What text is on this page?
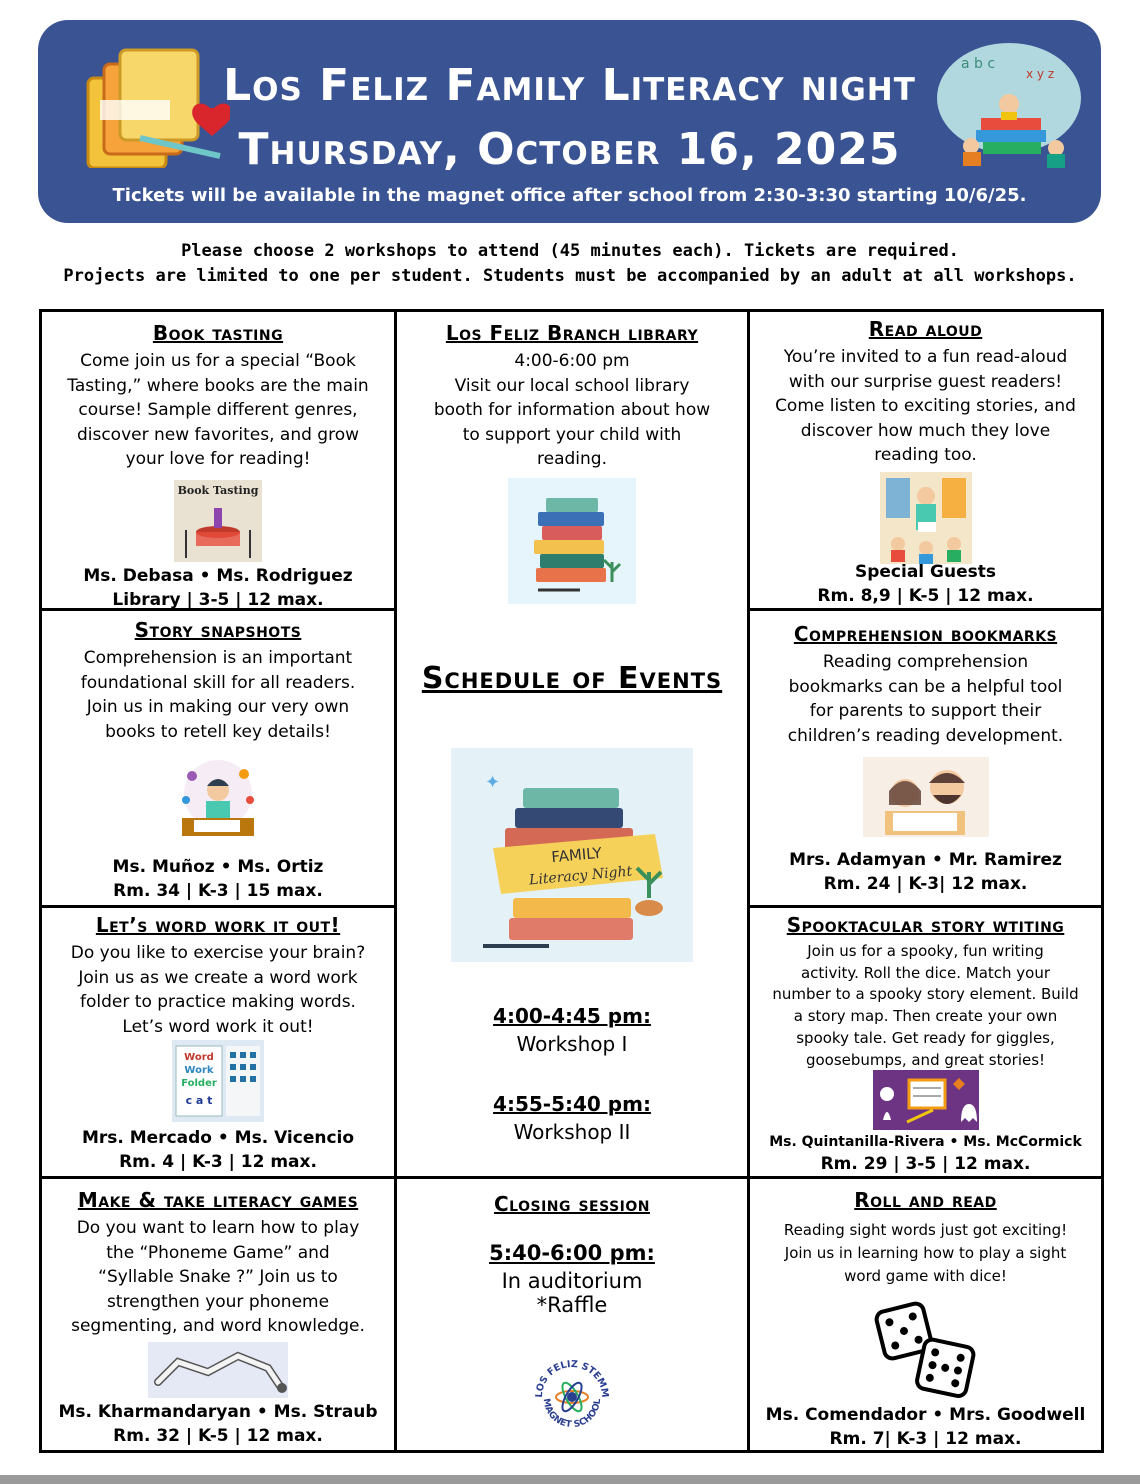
Los Feliz Family Literacy night
Thursday, October 16, 2025
a b c
x y z
Tickets will be available in the magnet office after school from 2:30-3:30 starting 10/6/25.
Please choose 2 workshops to attend (45 minutes each). Tickets are required.
Projects are limited to one per student. Students must be accompanied by an adult at all workshops.
Book tasting
Come join us for a special “Book
Tasting,” where books are the main
course! Sample different genres,
discover new favorites, and grow
your love for reading!
Book Tasting
Ms. Debasa • Ms. Rodriguez
Library | 3-5 | 12 max.
Los Feliz Branch library
4:00-6:00 pm
Visit our local school library
booth for information about how
to support your child with
reading.
Read aloud
You’re invited to a fun read-aloud
with our surprise guest readers!
Come listen to exciting stories, and
discover how much they love
reading too.
Special Guests
Rm. 8,9 | K-5 | 12 max.
Story snapshots
Comprehension is an important
foundational skill for all readers.
Join us in making our very own
books to retell key details!
Ms. Muñoz • Ms. Ortiz
Rm. 34 | K-3 | 15 max.
Schedule of Events
FAMILY
Literacy Night
✦
4:00-4:45 pm:
Workshop I
4:55-5:40 pm:
Workshop II
Comprehension bookmarks
Reading comprehension
bookmarks can be a helpful tool
for parents to support their
children’s reading development.
Mrs. Adamyan • Mr. Ramirez
Rm. 24 | K-3| 12 max.
Let’s word work it out!
Do you like to exercise your brain?
Join us as we create a word work
folder to practice making words.
Let’s word work it out!
Word
Work
Folder
c a t
Mrs. Mercado • Ms. Vicencio
Rm. 4 | K-3 | 12 max.
Spooktacular story wtiting
Join us for a spooky, fun writing
activity. Roll the dice. Match your
number to a spooky story element. Build
a story map. Then create your own
spooky tale. Get ready for giggles,
goosebumps, and great stories!
Ms. Quintanilla-Rivera • Ms. McCormick
Rm. 29 | 3-5 | 12 max.
Make & take literacy games
Do you want to learn how to play
the “Phoneme Game” and
“Syllable Snake ?” Join us to
strengthen your phoneme
segmenting, and word knowledge.
Ms. Kharmandaryan • Ms. Straub
Rm. 32 | K-5 | 12 max.
Closing session
5:40-6:00 pm:
In auditorium
*Raffle
LOS FELIZ STEMM
MAGNET SCHOOL
Roll and read
Reading sight words just got exciting!
Join us in learning how to play a sight
word game with dice!
Ms. Comendador • Mrs. Goodwell
Rm. 7| K-3 | 12 max.
